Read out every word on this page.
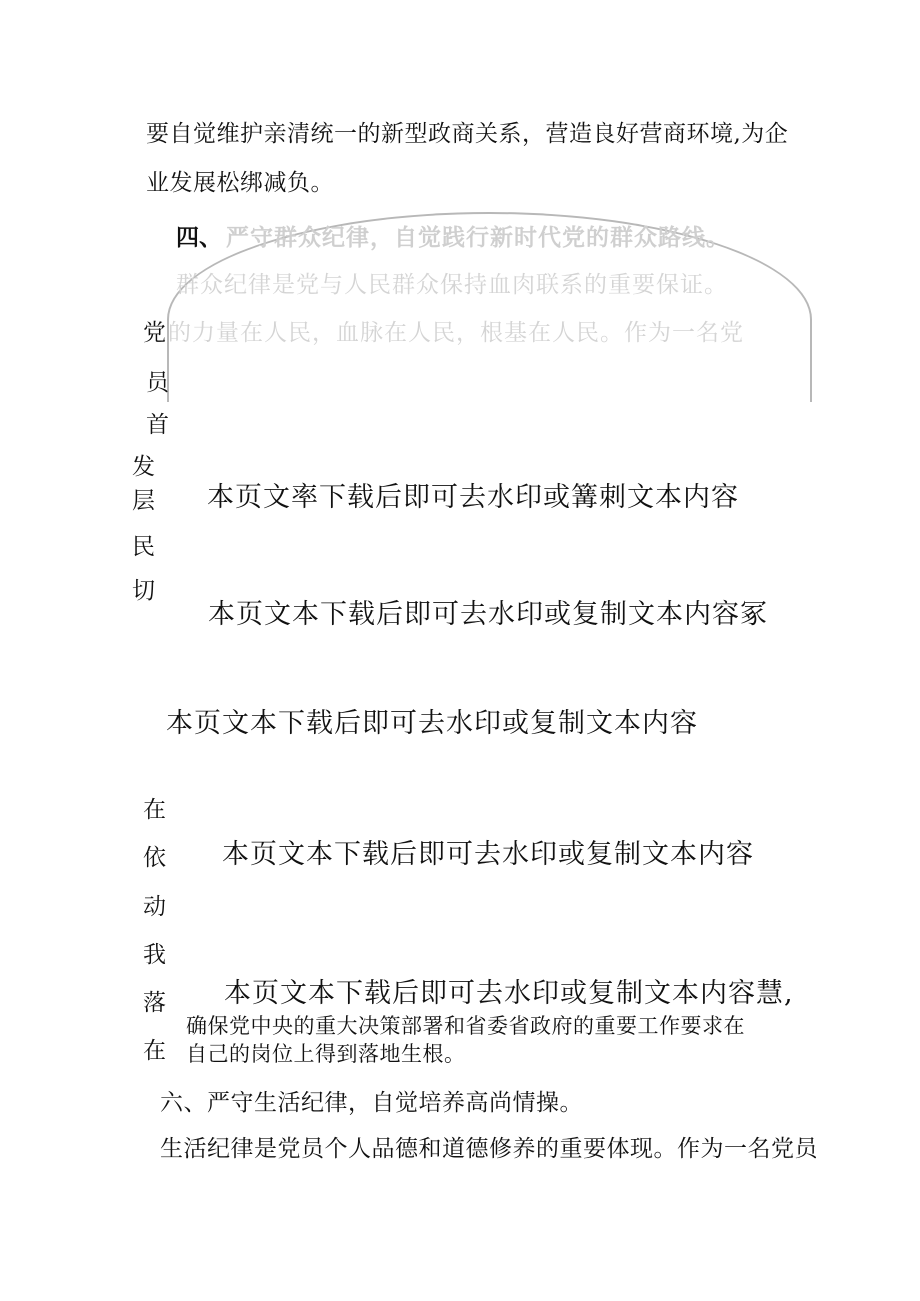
要自觉维护亲清统一的新型政商关系，营造良好营商环境,为企
业发展松绑减负。
四、 严守群众纪律，自觉践行新时代党的群众路线。
群众纪律是党与人民群众保持血肉联系的重要保证。
党 的力量在人民，血脉在人民，根基在人民。作为一名党
员
首
发
层
民
切
本页文率下载后即可去水印或篝刺文本内容
本页文本下载后即可去水印或复制文本内容冢
本页文本下载后即可去水印或复制文本内容
在
依
动
我
落
在
本页文本下载后即可去水印或复制文本内容
本页文本下载后即可去水印或复制文本内容慧,
确保党中央的重大决策部署和省委省政府的重要工作要求在
自己的岗位上得到落地生根。
六、严守生活纪律，自觉培养高尚情操。
生活纪律是党员个人品德和道德修养的重要体现。作为一名党员
